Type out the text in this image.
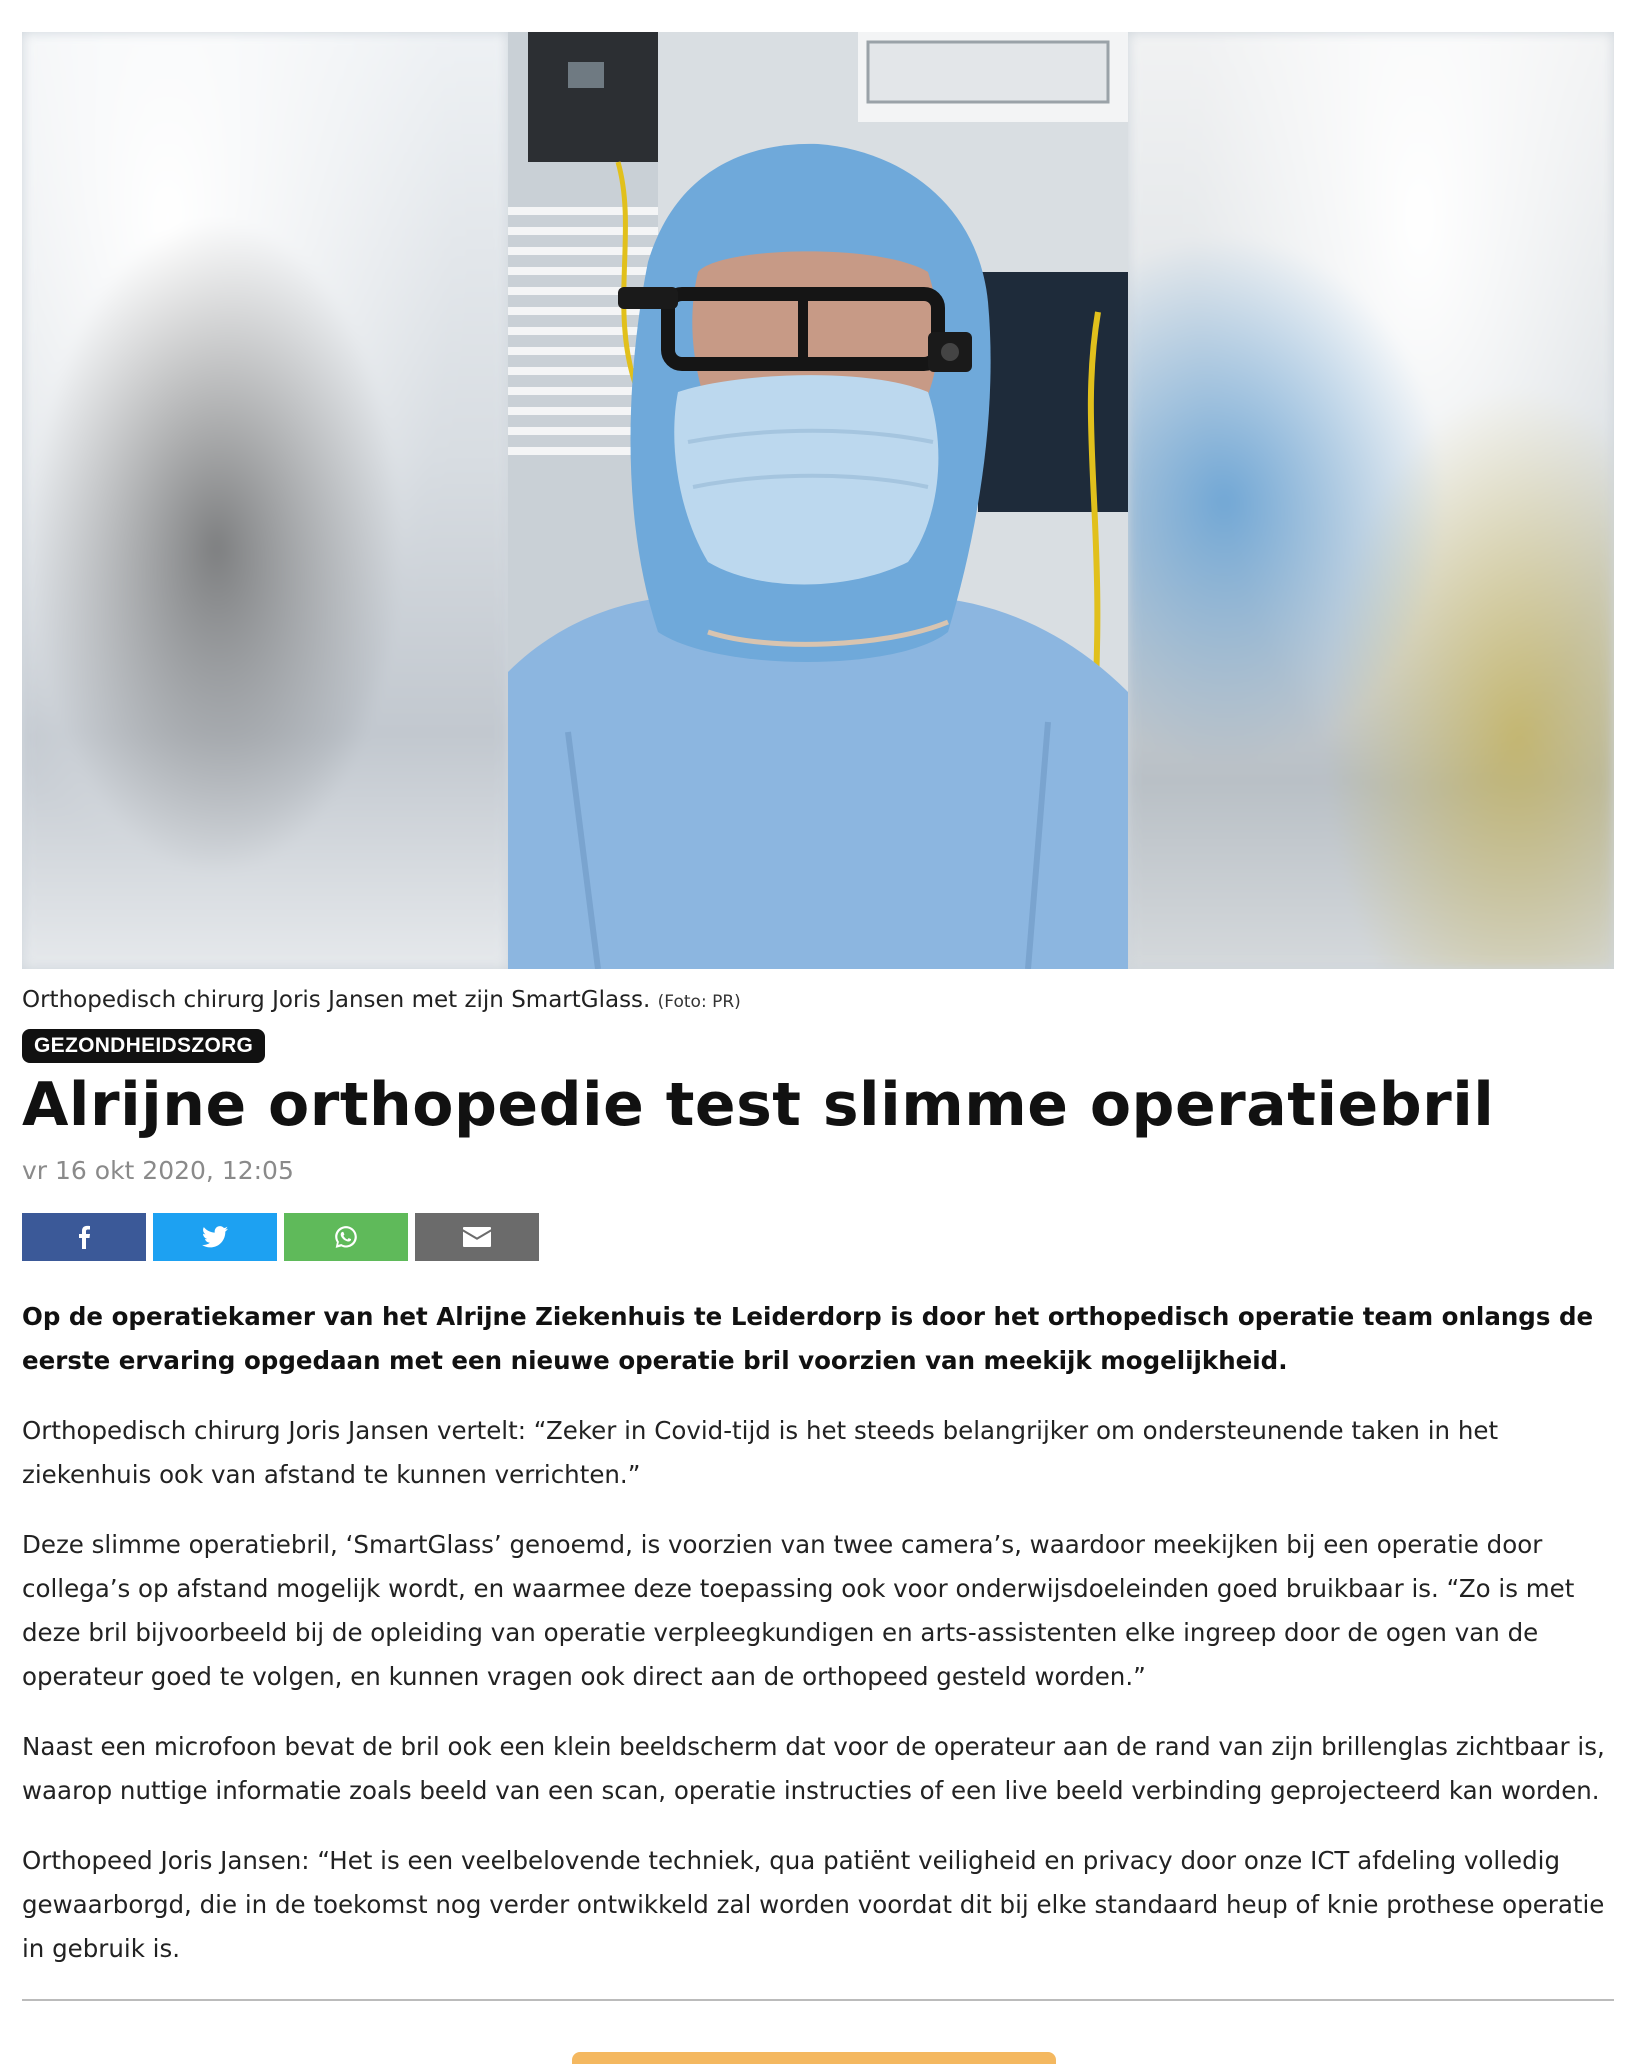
Orthopedisch chirurg Joris Jansen met zijn SmartGlass. (Foto: PR)
GEZONDHEIDSZORG
Alrijne orthopedie test slimme operatiebril
vr 16 okt 2020, 12:05

Op de operatiekamer van het Alrijne Ziekenhuis te Leiderdorp is door het orthopedisch operatie team onlangs de eerste ervaring opgedaan met een nieuwe operatie bril voorzien van meekijk mogelijkheid.

Orthopedisch chirurg Joris Jansen vertelt: “Zeker in Covid-tijd is het steeds belangrijker om ondersteunende taken in het ziekenhuis ook van afstand te kunnen verrichten.”

Deze slimme operatiebril, ‘SmartGlass’ genoemd, is voorzien van twee camera’s, waardoor meekijken bij een operatie door collega’s op afstand mogelijk wordt, en waarmee deze toepassing ook voor onderwijsdoeleinden goed bruikbaar is. “Zo is met deze bril bijvoorbeeld bij de opleiding van operatie verpleegkundigen en arts-assistenten elke ingreep door de ogen van de operateur goed te volgen, en kunnen vragen ook direct aan de orthopeed gesteld worden.”

Naast een microfoon bevat de bril ook een klein beeldscherm dat voor de operateur aan de rand van zijn brillenglas zichtbaar is, waarop nuttige informatie zoals beeld van een scan, operatie instructies of een live beeld verbinding geprojecteerd kan worden.

Orthopeed Joris Jansen: “Het is een veelbelovende techniek, qua patiënt veiligheid en privacy door onze ICT afdeling volledig gewaarborgd, die in de toekomst nog verder ontwikkeld zal worden voordat dit bij elke standaard heup of knie prothese operatie in gebruik is.
